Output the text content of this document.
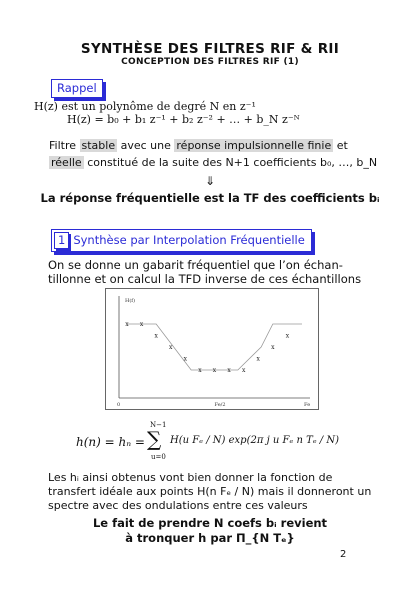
SYNTHÈSE DES FILTRES RIF & RII
CONCEPTION DES FILTRES RIF (1)
Rappel
H(z) est un polynôme de degré N en z⁻¹
H(z) = b₀ + b₁ z⁻¹ + b₂ z⁻² + … + b_N z⁻ᴺ
Filtre stable avec une réponse impulsionnelle finie et
réelle constitué de la suite des N+1 coefficients b₀, …, b_N
⇓
La réponse fréquentielle est la TF des coefficients bᵢ
1 Synthèse par Interpolation Fréquentielle
On se donne un gabarit fréquentiel que l’on échan-
tillonne et on calcul la TFD inverse de ces échantillons
H(f)
x x
x
x
x
x x x x
x
x
x
0	Fe/2	Fe
h(n) = hₙ =
N−1
∑
u=0
H(u Fₑ / N) exp(2π j u Fₑ n Tₑ / N)
Les hᵢ ainsi obtenus vont bien donner la fonction de
transfert idéale aux points H(n Fₑ / N) mais il donneront un
spectre avec des ondulations entre ces valeurs
Le fait de prendre N coefs bᵢ revient
à tronquer h par Π_{N Tₑ}
2
